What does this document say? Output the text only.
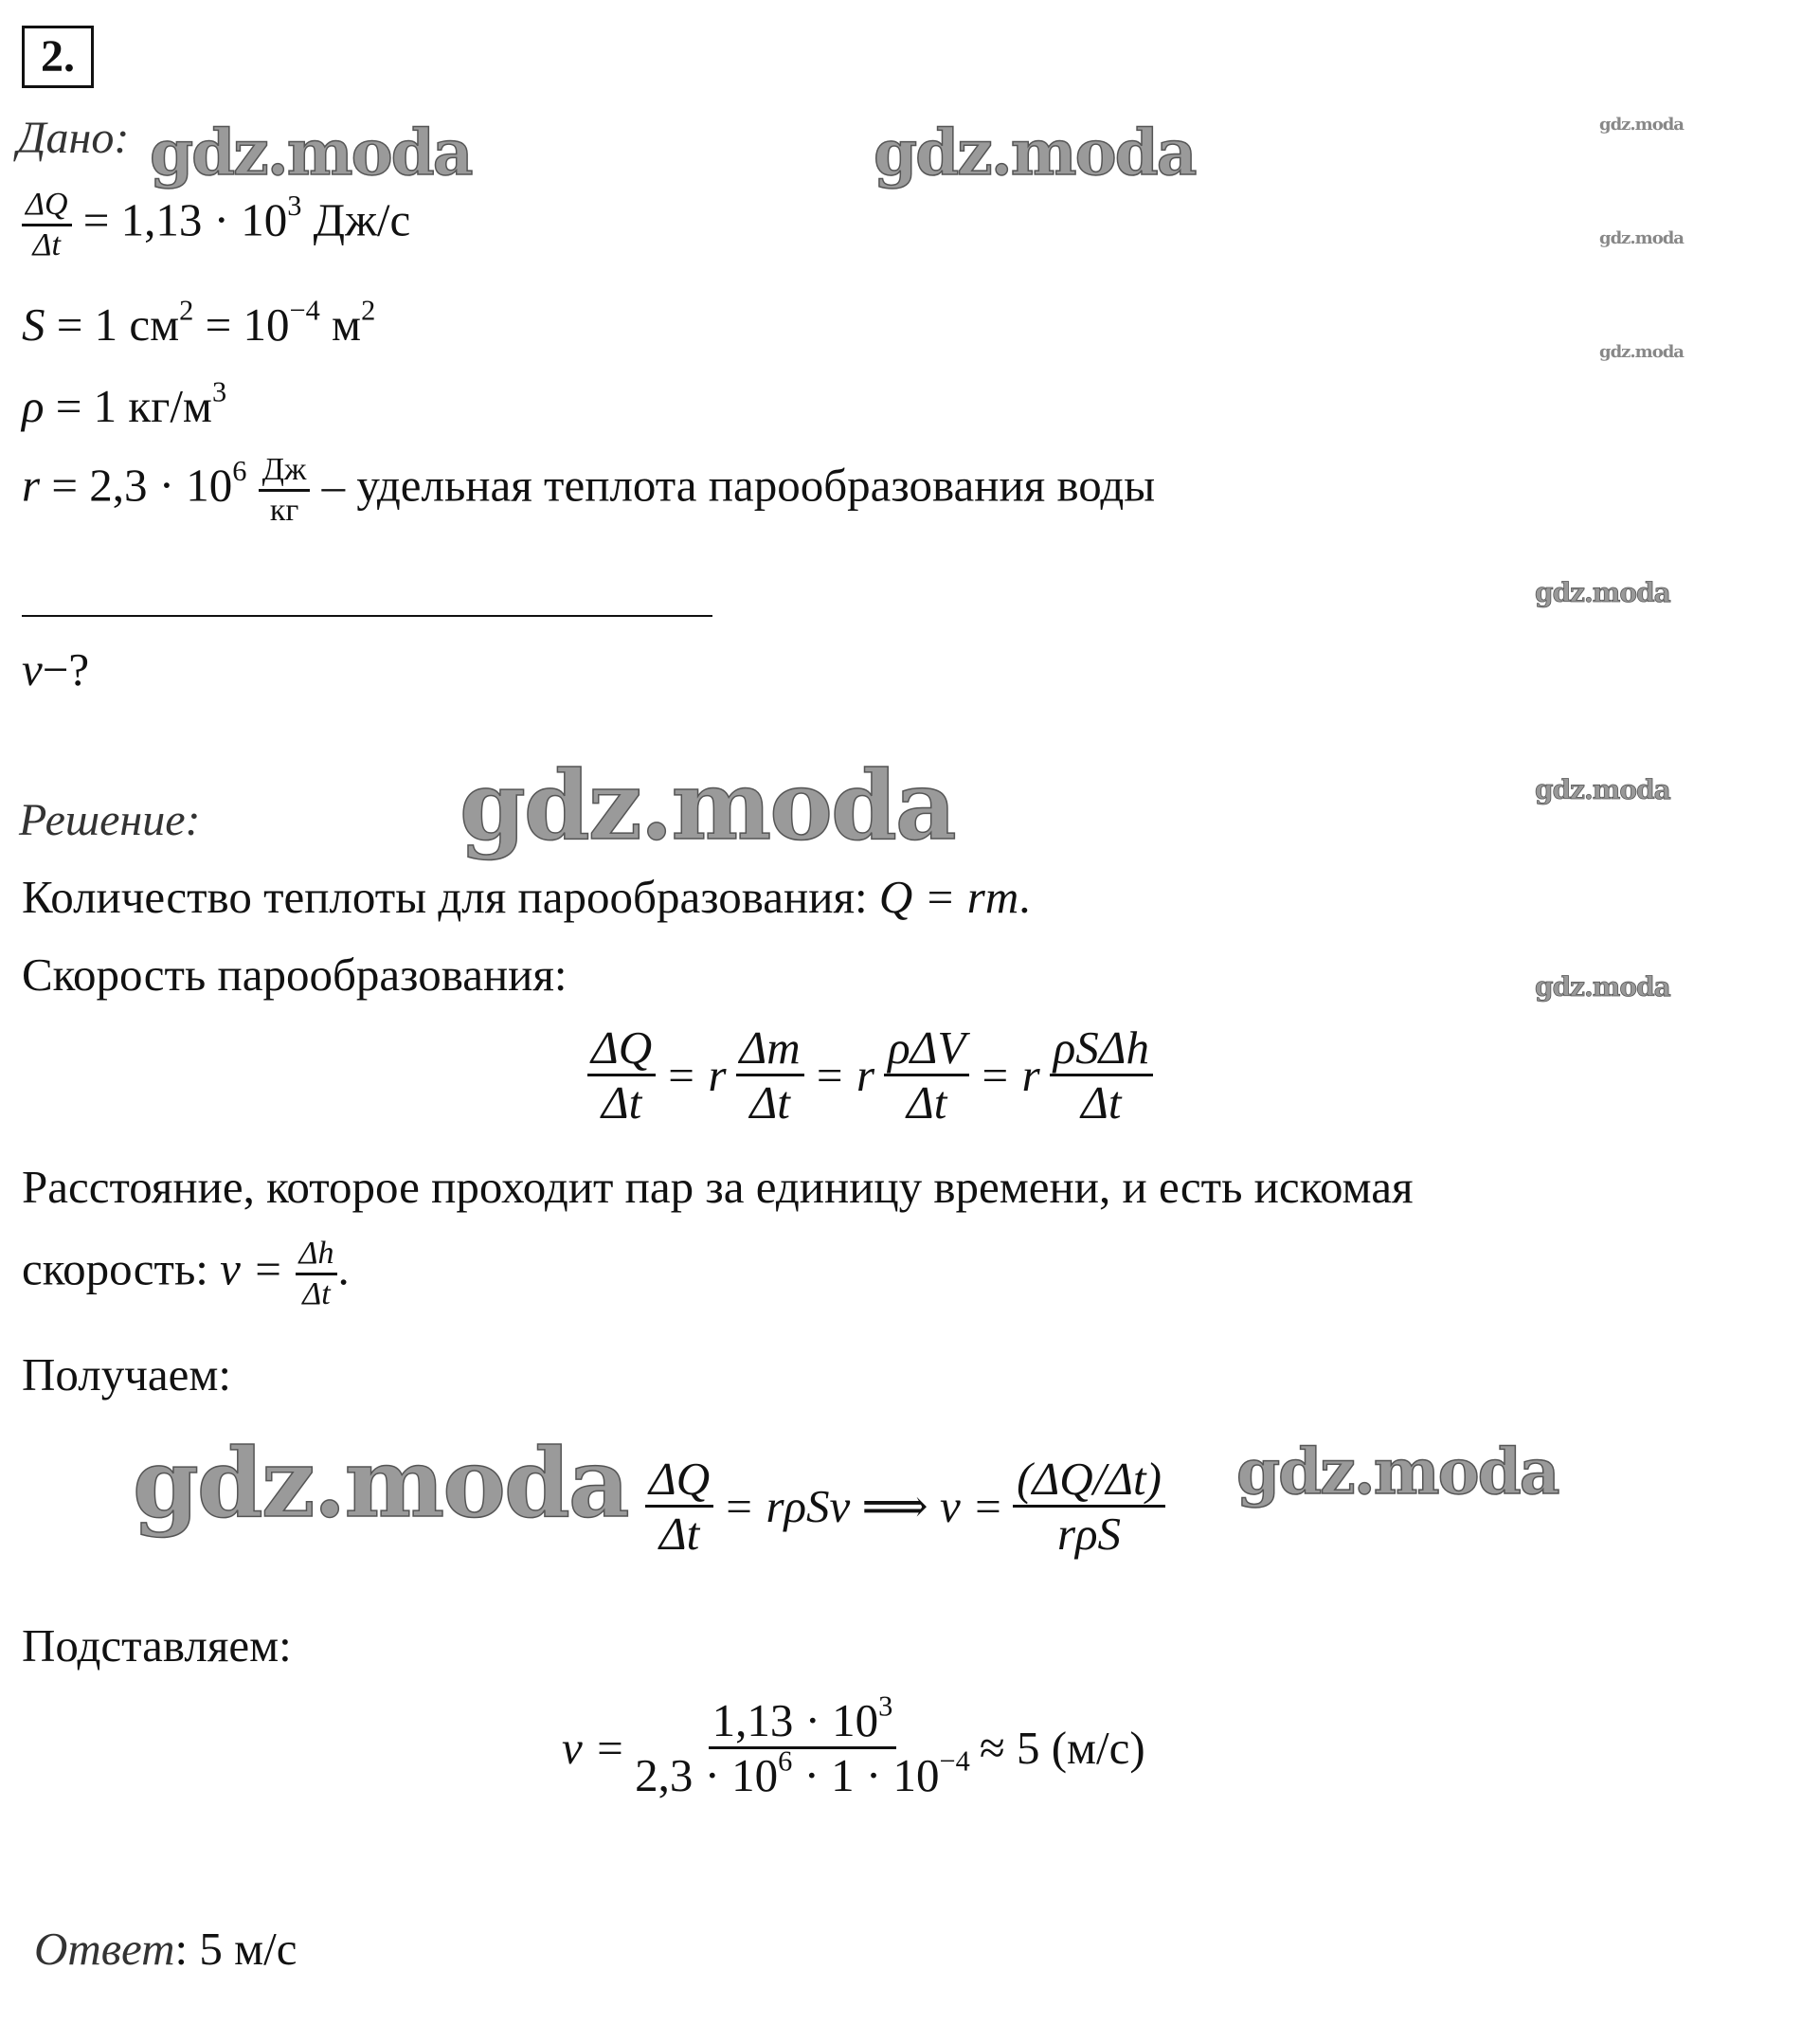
2.
gdz.moda	gdz.moda
gdz.moda
gdz.moda	gdz.moda
gdz.moda
gdz.moda
gdz.moda
gdz.moda
gdz.moda
gdz.moda
Дано:
$\frac{\Delta Q}{\Delta t} = 1,13 \cdot 10^3$ Дж/с
S = 1 $см^2 = 10^{-4}$ $м^2$
ρ = 1 $кг/м^3$
$r = 2,3 \cdot 10^6 \frac{Дж}{кг}$ – удельная теплота парообразования воды
v−?
Решение:
Количество теплоты для парообразования: Q = rm.
Скорость парообразования:
$\frac{\Delta Q}{\Delta t} = r \frac{\Delta m}{\Delta t} = r \frac{\text{ρΔV}}{\Delta t} = r \frac{\text{ρSΔh}}{\Delta t}$
Расстояние, которое проходит пар за единицу времени, и есть искомая
скорость: $v = \frac{\Delta h}{\Delta t}$ .
Получаем:
$\frac{\Delta Q}{\Delta t} = r\rho Sv$ ⟹ $v = \frac{(\Delta Q/\Delta t)}{\text{rρS}}$
Подставляем:
$v = \frac{1,13 \cdot 10^3}{2,3 \cdot 10^6 \cdot 1 \cdot 10^{-4}} \approx 5$ (м/с)
Ответ: 5 м/с
